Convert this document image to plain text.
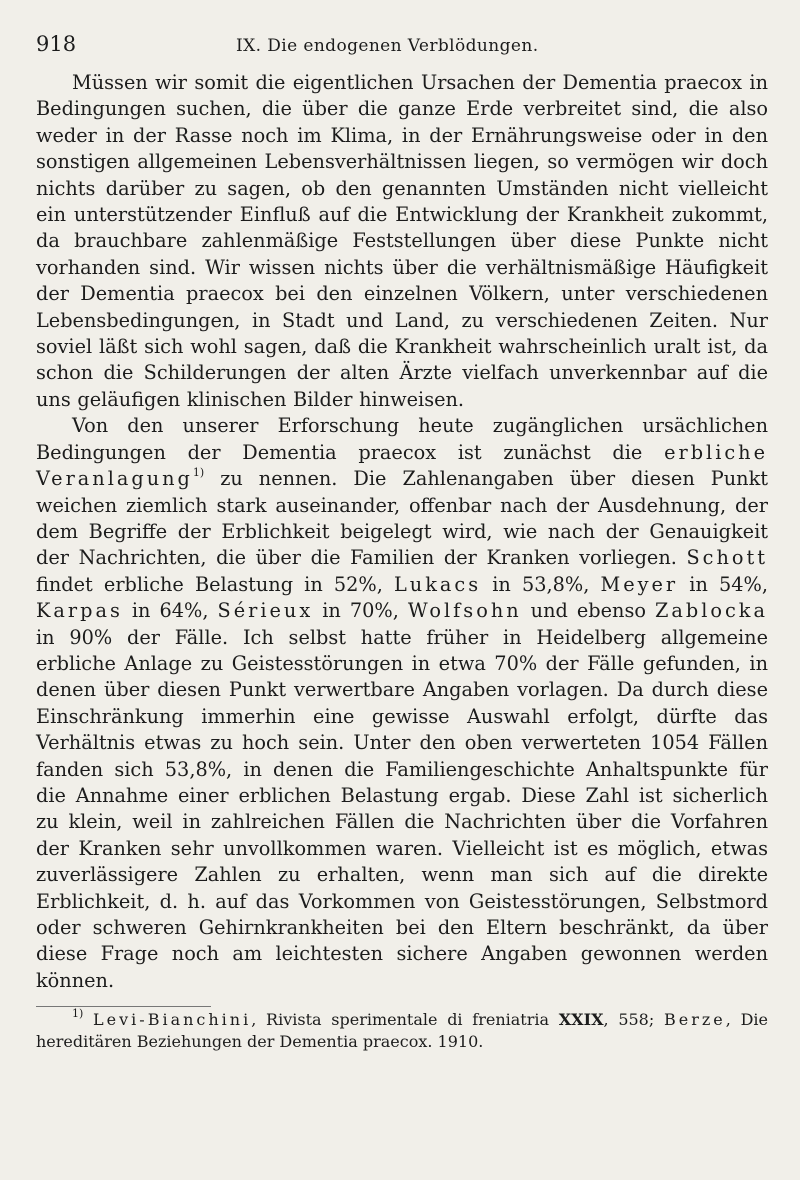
918	IX. Die endogenen Verblödungen.

Müssen wir somit die eigentlichen Ursachen der Dementia praecox in Bedingungen suchen, die über die ganze Erde verbreitet sind, die also weder in der Rasse noch im Klima, in der Ernährungsweise oder in den sonstigen allgemeinen Lebensverhältnissen liegen, so vermögen wir doch nichts darüber zu sagen, ob den genannten Umständen nicht vielleicht ein unterstützender Einfluß auf die Entwicklung der Krankheit zukommt, da brauchbare zahlenmäßige Feststellungen über diese Punkte nicht vorhanden sind. Wir wissen nichts über die verhältnismäßige Häufigkeit der Dementia praecox bei den einzelnen Völkern, unter verschiedenen Lebensbedingungen, in Stadt und Land, zu verschiedenen Zeiten. Nur soviel läßt sich wohl sagen, daß die Krankheit wahrscheinlich uralt ist, da schon die Schilderungen der alten Ärzte vielfach unverkennbar auf die uns geläufigen klinischen Bilder hinweisen.

Von den unserer Erforschung heute zugänglichen ursächlichen Bedingungen der Dementia praecox ist zunächst die erbliche Veranlagung$^{1)}$ zu nennen. Die Zahlenangaben über diesen Punkt weichen ziemlich stark auseinander, offenbar nach der Ausdehnung, der dem Begriffe der Erblichkeit beigelegt wird, wie nach der Genauigkeit der Nachrichten, die über die Familien der Kranken vorliegen. Schott findet erbliche Belastung in 52%, Lukacs in 53,8%, Meyer in 54%, Karpas in 64%, Sérieux in 70%, Wolfsohn und ebenso Zablocka in 90% der Fälle. Ich selbst hatte früher in Heidelberg allgemeine erbliche Anlage zu Geistesstörungen in etwa 70% der Fälle gefunden, in denen über diesen Punkt verwertbare Angaben vorlagen. Da durch diese Einschränkung immerhin eine gewisse Auswahl erfolgt, dürfte das Verhältnis etwas zu hoch sein. Unter den oben verwerteten 1054 Fällen fanden sich 53,8%, in denen die Familiengeschichte Anhaltspunkte für die Annahme einer erblichen Belastung ergab. Diese Zahl ist sicherlich zu klein, weil in zahlreichen Fällen die Nachrichten über die Vorfahren der Kranken sehr unvollkommen waren. Vielleicht ist es möglich, etwas zuverlässigere Zahlen zu erhalten, wenn man sich auf die direkte Erblichkeit, d. h. auf das Vorkommen von Geistesstörungen, Selbstmord oder schweren Gehirnkrankheiten bei den Eltern beschränkt, da über diese Frage noch am leichtesten sichere Angaben gewonnen werden können.

$^{1)}$ Levi-Bianchini, Rivista sperimentale di freniatria XXIX, 558; Berze, Die hereditären Beziehungen der Dementia praecox. 1910.
